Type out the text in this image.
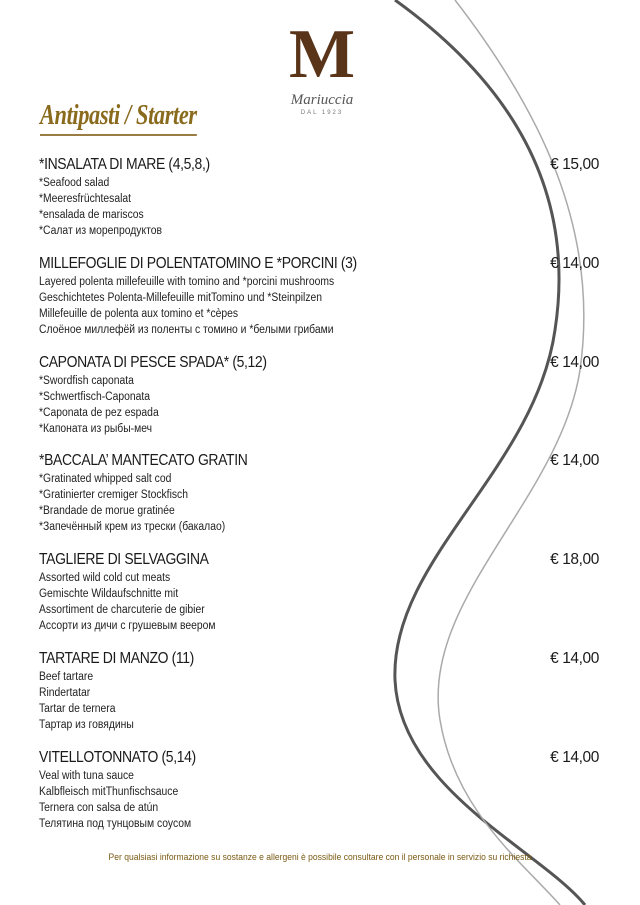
M
Mariuccia
DAL 1923
Antipasti / Starter
*INSALATA DI MARE (4,5,8,)	€ 15,00
*Seafood salad
*Meeresfrüchtesalat
*ensalada de mariscos
*Салат из морепродуктов
MILLEFOGLIE DI POLENTATOMINO E *PORCINI (3)	€ 14,00
Layered polenta millefeuille with tomino and *porcini mushrooms
Geschichtetes Polenta-Millefeuille mitTomino und *Steinpilzen
Millefeuille de polenta aux tomino et *cèpes
Слоёное миллефёй из поленты с томино и *белыми грибами
CAPONATA DI PESCE SPADA* (5,12)	€ 14,00
*Swordfish caponata
*Schwertfisch-Caponata
*Caponata de pez espada
*Капоната из рыбы-меч
*BACCALA’ MANTECATO GRATIN	€ 14,00
*Gratinated whipped salt cod
*Gratinierter cremiger Stockfisch
*Brandade de morue gratinée
*Запечённый крем из трески (бакалао)
TAGLIERE DI SELVAGGINA	€ 18,00
Assorted wild cold cut meats
Gemischte Wildaufschnitte mit
Assortiment de charcuterie de gibier
Ассорти из дичи с грушевым веером
TARTARE DI MANZO (11)	€ 14,00
Beef tartare
Rindertatar
Tartar de ternera
Тартар из говядины
VITELLOTONNATO (5,14)	€ 14,00
Veal with tuna sauce
Kalbfleisch mitThunfischsauce
Ternera con salsa de atún
Телятина под тунцовым соусом
Per qualsiasi informazione su sostanze e allergeni è possibile consultare con il personale in servizio su richiesta
